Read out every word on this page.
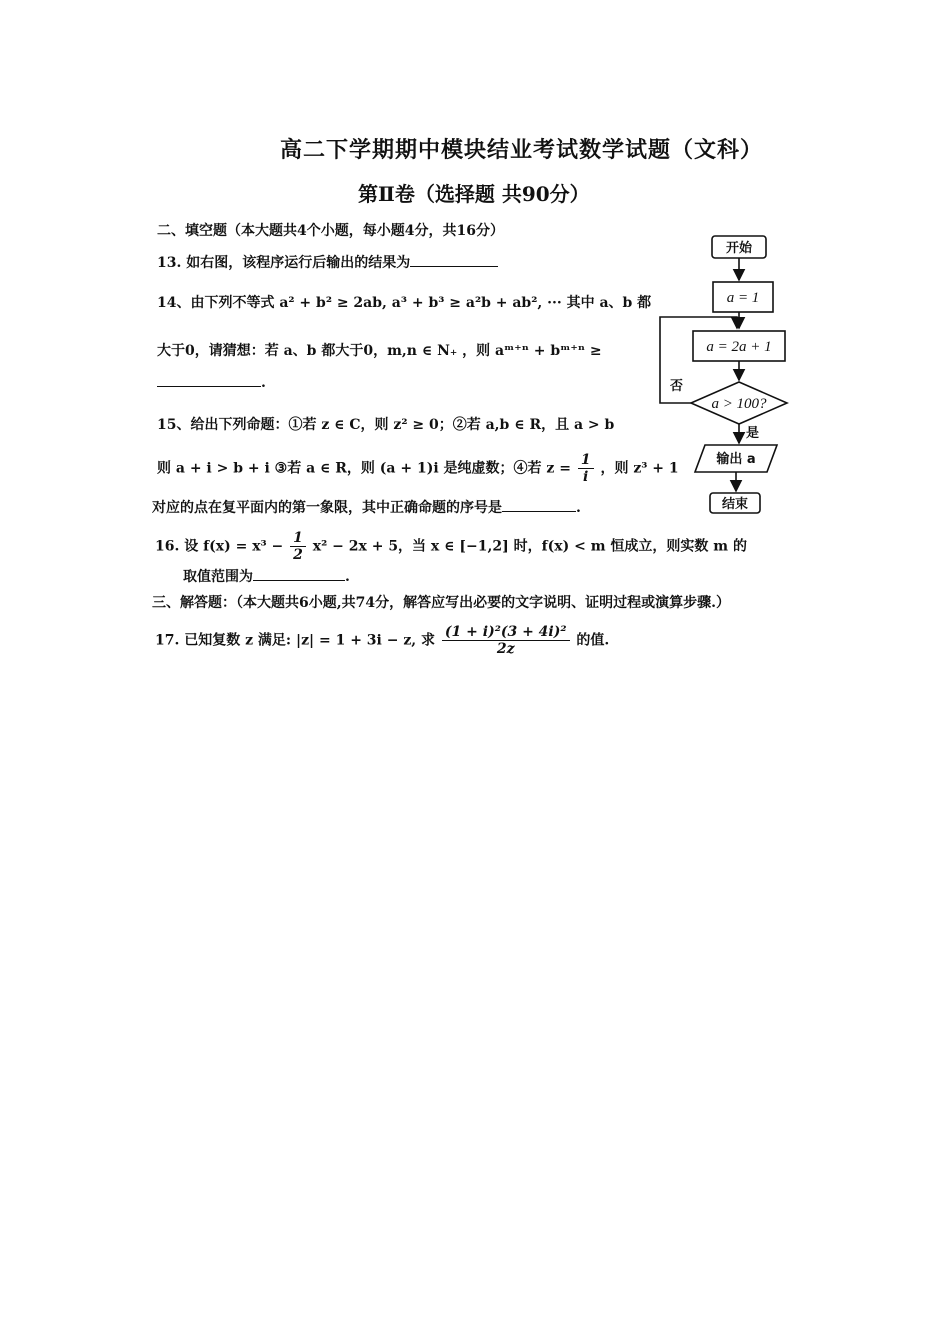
高二下学期期中模块结业考试数学试题（文科）
第Ⅱ卷（选择题 共90分）
二、填空题（本大题共4个小题，每小题4分，共16分）
13. 如右图，该程序运行后输出的结果为
14、由下列不等式 a² + b² ≥ 2ab, a³ + b³ ≥ a²b + ab², ··· 其中 a、b 都
大于0，请猜想：若 a、b 都大于0，m,n ∈ N₊ ，则 aᵐ⁺ⁿ + bᵐ⁺ⁿ ≥
.
15、给出下列命题：①若 z ∈ C，则 z² ≥ 0；②若 a,b ∈ R，且 a > b
则 a + i > b + i ③若 a ∈ R，则 (a + 1)i 是纯虚数；④若 $z = \frac{1}{i}$ ，则 z³ + 1
对应的点在复平面内的第一象限，其中正确命题的序号是	.
16. 设 $f(x) = x^3 - \frac{1}{2} x^2 - 2x + 5$，当 x ∈ [−1,2] 时，f(x) < m 恒成立，则实数 m 的
取值范围为	.
三、解答题：（本大题共6小题,共74分，解答应写出必要的文字说明、证明过程或演算步骤.）
17. 已知复数 z 满足: |z| = 1 + 3i − z, 求 $\frac{\text{(1 + i)²(3 + 4i)²}}{2z}$ 的值.
开始
a = 1
a = 2a + 1
a > 100?
否
是
输出 a
结束
